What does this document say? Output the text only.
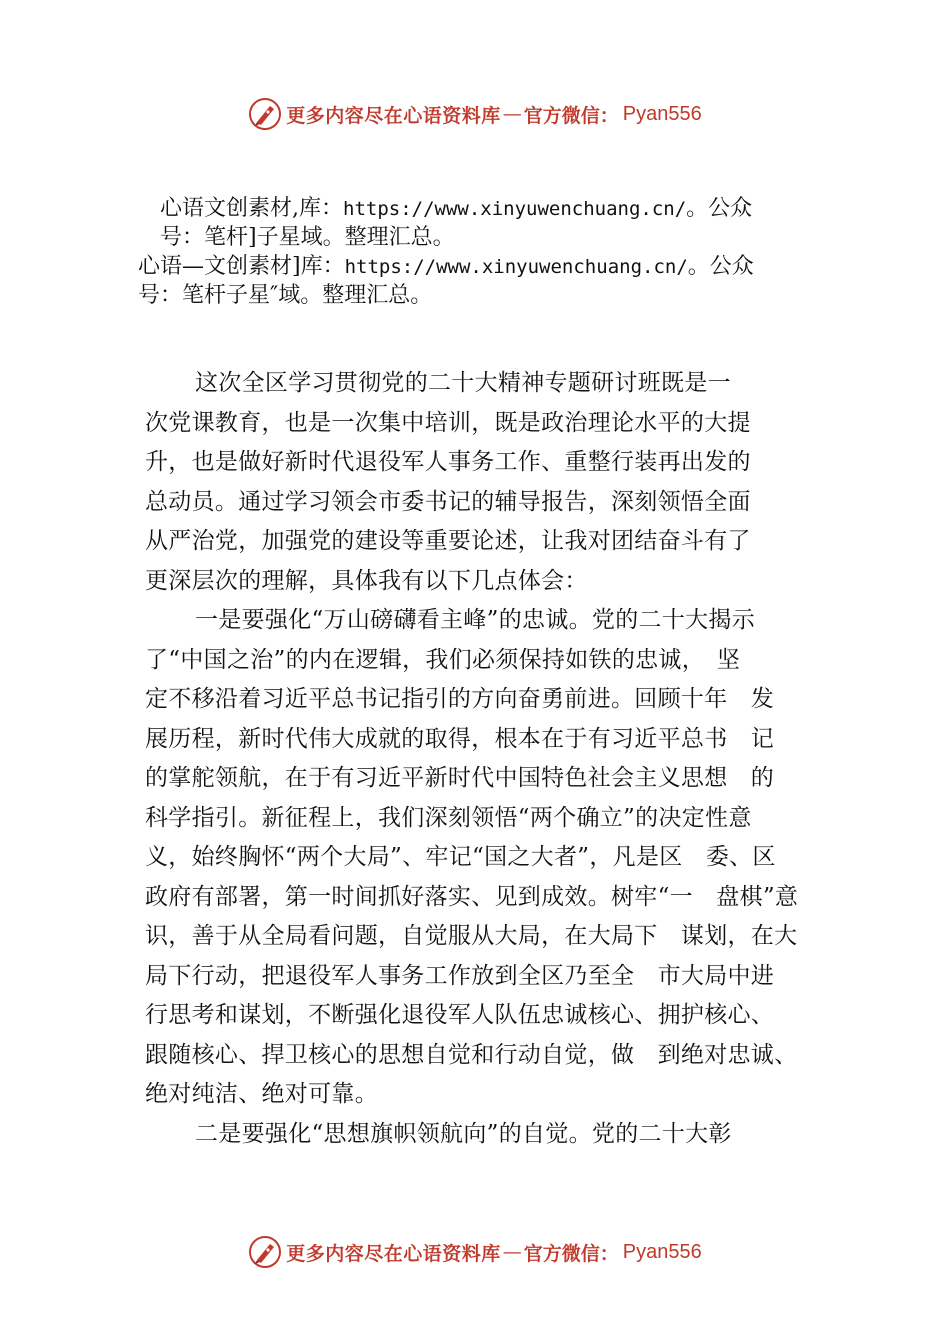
更多内容尽在心语资料库 — 官方微信： Pyan556
心语文创素材,库：https://www.xinyuwenchuang.cn/。公众
号：笔杆]子星域。整理汇总。
心语—文创素材]库：https://www.xinyuwenchuang.cn/。公众
号：笔杆子星″域。整理汇总。
这次全区学习贯彻党的二十大精神专题研讨班既是一
次党课教育，也是一次集中培训，既是政治理论水平的大提
升，也是做好新时代退役军人事务工作、重整行装再出发的
总动员。通过学习领会市委书记的辅导报告，深刻领悟全面
从严治党，加强党的建设等重要论述，让我对团结奋斗有了
更深层次的理解，具体我有以下几点体会：
一是要强化“万山磅礴看主峰”的忠诚。党的二十大揭示
了“中国之治”的内在逻辑，我们必须保持如铁的忠诚，　坚
定不移沿着习近平总书记指引的方向奋勇前进。回顾十年　发
展历程，新时代伟大成就的取得，根本在于有习近平总书　记
的掌舵领航，在于有习近平新时代中国特色社会主义思想　的
科学指引。新征程上，我们深刻领悟“两个确立”的决定性意
义，始终胸怀“两个大局”、牢记“国之大者”，凡是区　委、区
政府有部署，第一时间抓好落实、见到成效。树牢“一　盘棋”意
识，善于从全局看问题，自觉服从大局，在大局下　谋划，在大
局下行动，把退役军人事务工作放到全区乃至全　市大局中进
行思考和谋划，不断强化退役军人队伍忠诚核心、拥护核心、
跟随核心、捍卫核心的思想自觉和行动自觉，做　到绝对忠诚、
绝对纯洁、绝对可靠。
二是要强化“思想旗帜领航向”的自觉。党的二十大彰
更多内容尽在心语资料库 — 官方微信： Pyan556
